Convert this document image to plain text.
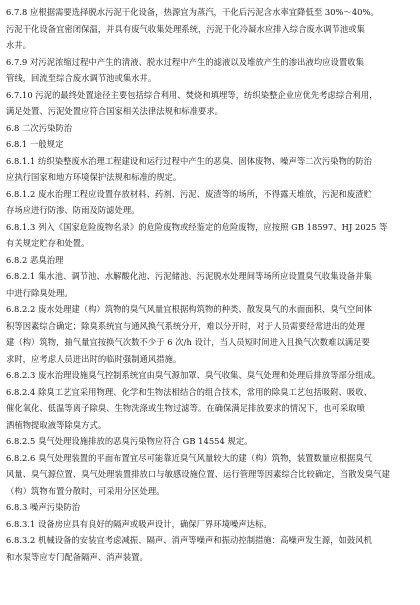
6.7.8 应根据需要选择脱水污泥干化设备，热源宜为蒸汽，干化后污泥含水率宜降低至 30%～40%。
污泥干化设备宜密闭保温，并具有废气收集处理系统，污泥干化冷凝水应排入综合废水调节池或集
水井。
6.7.9 对污泥浓缩过程中产生的清液、脱水过程中产生的滤液以及堆放产生的渗出液均应设置收集
管线，回流至综合废水调节池或集水井。
6.7.10 污泥的最终处置途径主要包括综合利用、焚烧和填埋等，纺织染整企业应优先考虑综合利用，
满足处置、污泥处置应符合国家相关法律法规和标准要求。
6.8 二次污染防治
6.8.1 一般规定
6.8.1.1 纺织染整废水治理工程建设和运行过程中产生的恶臭、固体废物、噪声等二次污染物的防治
应执行国家和地方环境保护法规和标准的规定。
6.8.1.2 废水治理工程应设置存放材料、药剂、污泥、废渣等的场所，不得露天堆放，污泥和废渣贮
存场应进行防渗、防雨及防滤处理。
6.8.1.3 列入《国家危险废物名录》的危险废物或经鉴定的危险废物，应按照 GB 18597、HJ 2025 等
有关规定贮存和处置。
6.8.2 恶臭治理
6.8.2.1 集水池、调节池、水解酸化池、污泥储池、污泥脱水处理间等场所应设置臭气收集设备并集
中进行除臭处理。
6.8.2.2 废水处理建（构）筑物的臭气风量宜根据构筑物的种类、散发臭气的水面面积、臭气空间体
积等因素综合确定；除臭系统宜与通风换气系统分开，难以分开时，对于人员需要经常进出的处理
建（构）筑物，抽气量宜按换气次数不少于 6 次/h 设计，当人员短时间进入且换气次数难以满足要
求时，应考虑人员进出时的临时强制通风措施。
6.8.2.3 废水治理设施臭气控制系统宜由臭气源加罩、臭气收集、臭气处理和处理后排放等部分组成。
6.8.2.4 除臭工艺宜采用物理、化学和生物法相结合的组合技术，常用的除臭工艺包括吸附、吸收、
催化氧化、低温等离子除臭、生物洗涤或生物过滤等。在确保满足排放要求的情况下，也可采取喷
洒植物提取液等除臭方式。
6.8.2.5 臭气处理设施排放的恶臭污染物应符合 GB 14554 规定。
6.8.2.6 臭气处理装置的平面布置宜尽可能靠近臭气风量较大的建（构）筑物，装置数量应根据臭气
风量、臭气源位置、臭气处理装置排放口与敏感设施位置、运行管理等因素综合比较确定，当散发臭气建
（构）筑物布置分散时，可采用分区处理。
6.8.3 噪声污染防治
6.8.3.1 设备房应具有良好的隔声或吸声设计，确保厂界环境噪声达标。
6.8.3.2 机械设备的安装宜考虑减振、隔声、消声等噪声和振动控制措施：高噪声发生源，如鼓风机
和水泵等应专门配备隔声、消声装置。
